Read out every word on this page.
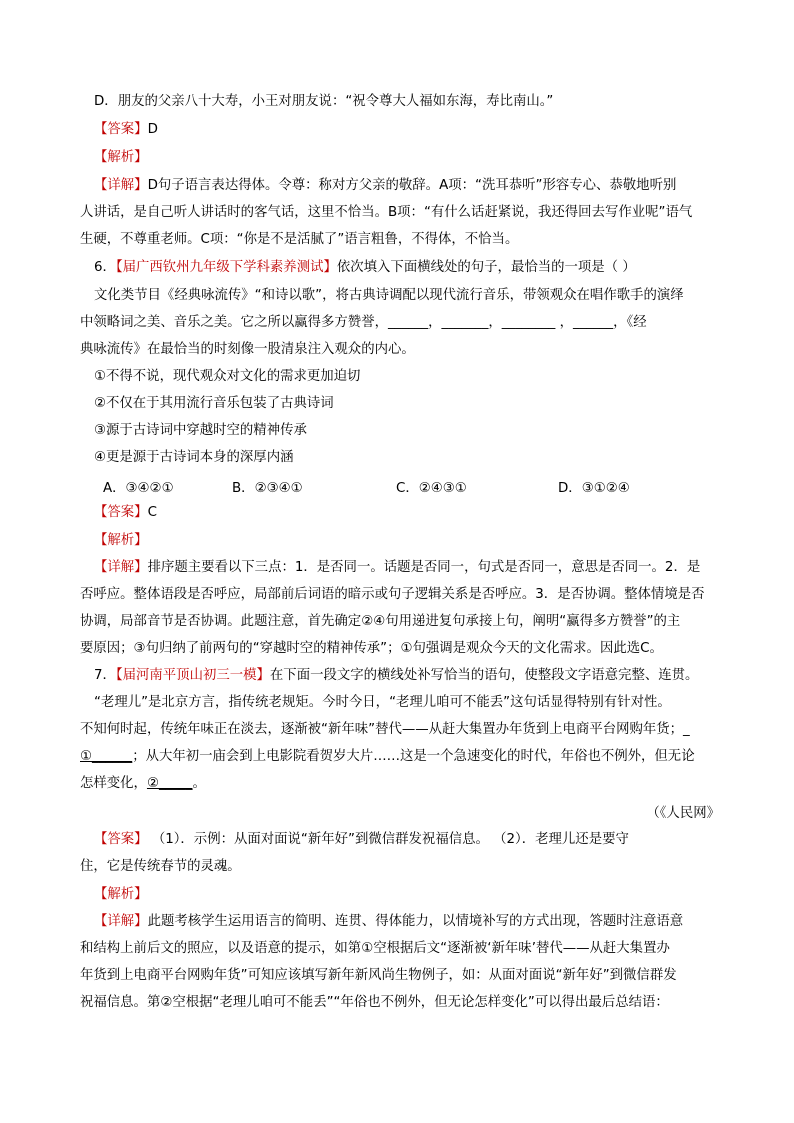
D．朋友的父亲八十大寿，小王对朋友说：“祝令尊大人福如东海，寿比南山。”
【答案】D
【解析】
【详解】D句子语言表达得体。令尊：称对方父亲的敬辞。A项：“洗耳恭听”形容专心、恭敬地听别
人讲话，是自己听人讲话时的客气话，这里不恰当。B项：“有什么话赶紧说，我还得回去写作业呢”语气
生硬，不尊重老师。C项：“你是不是活腻了”语言粗鲁，不得体，不恰当。
6．【届广西钦州九年级下学科素养测试】依次填入下面横线处的句子，最恰当的一项是（ ）
文化类节目《经典咏流传》“和诗以歌”，将古典诗调配以现代流行音乐，带领观众在唱作歌手的演绎
中领略词之美、音乐之美。它之所以赢得多方赞誉，______，_______，________ ，______，《经
典咏流传》在最恰当的时刻像一股清泉注入观众的内心。
①不得不说，现代观众对文化的需求更加迫切
②不仅在于其用流行音乐包装了古典诗词
③源于古诗词中穿越时空的精神传承
④更是源于古诗词本身的深厚内涵
A．③④②①	B．②③④①	C．②④③①	D．③①②④
【答案】C
【解析】
【详解】排序题主要看以下三点：1．是否同一。话题是否同一，句式是否同一，意思是否同一。2．是
否呼应。整体语段是否呼应，局部前后词语的暗示或句子逻辑关系是否呼应。3．是否协调。整体情境是否
协调，局部音节是否协调。此题注意，首先确定②④句用递进复句承接上句，阐明“赢得多方赞誉”的主
要原因；③句归纳了前两句的“穿越时空的精神传承”；①句强调是观众今天的文化需求。因此选C。
7．【届河南平顶山初三一模】在下面一段文字的横线处补写恰当的语句，使整段文字语意完整、连贯。
“老理儿”是北京方言，指传统老规矩。今时今日，“老理儿咱可不能丢”这句话显得特别有针对性。
不知何时起，传统年味正在淡去，逐渐被“新年味”替代——从赶大集置办年货到上电商平台网购年货；_
①______；从大年初一庙会到上电影院看贺岁大片……这是一个急速变化的时代，年俗也不例外，但无论
怎样变化，②_____。
（《人民网》
【答案】 （1）．示例：从面对面说“新年好”到微信群发祝福信息。 （2）．老理儿还是要守
住，它是传统春节的灵魂。
【解析】
【详解】此题考核学生运用语言的简明、连贯、得体能力，以情境补写的方式出现，答题时注意语意
和结构上前后文的照应，以及语意的提示，如第①空根据后文“逐渐被‘新年味’替代——从赶大集置办
年货到上电商平台网购年货”可知应该填写新年新风尚生物例子，如：从面对面说“新年好”到微信群发
祝福信息。第②空根据“老理儿咱可不能丢”“年俗也不例外，但无论怎样变化”可以得出最后总结语：
